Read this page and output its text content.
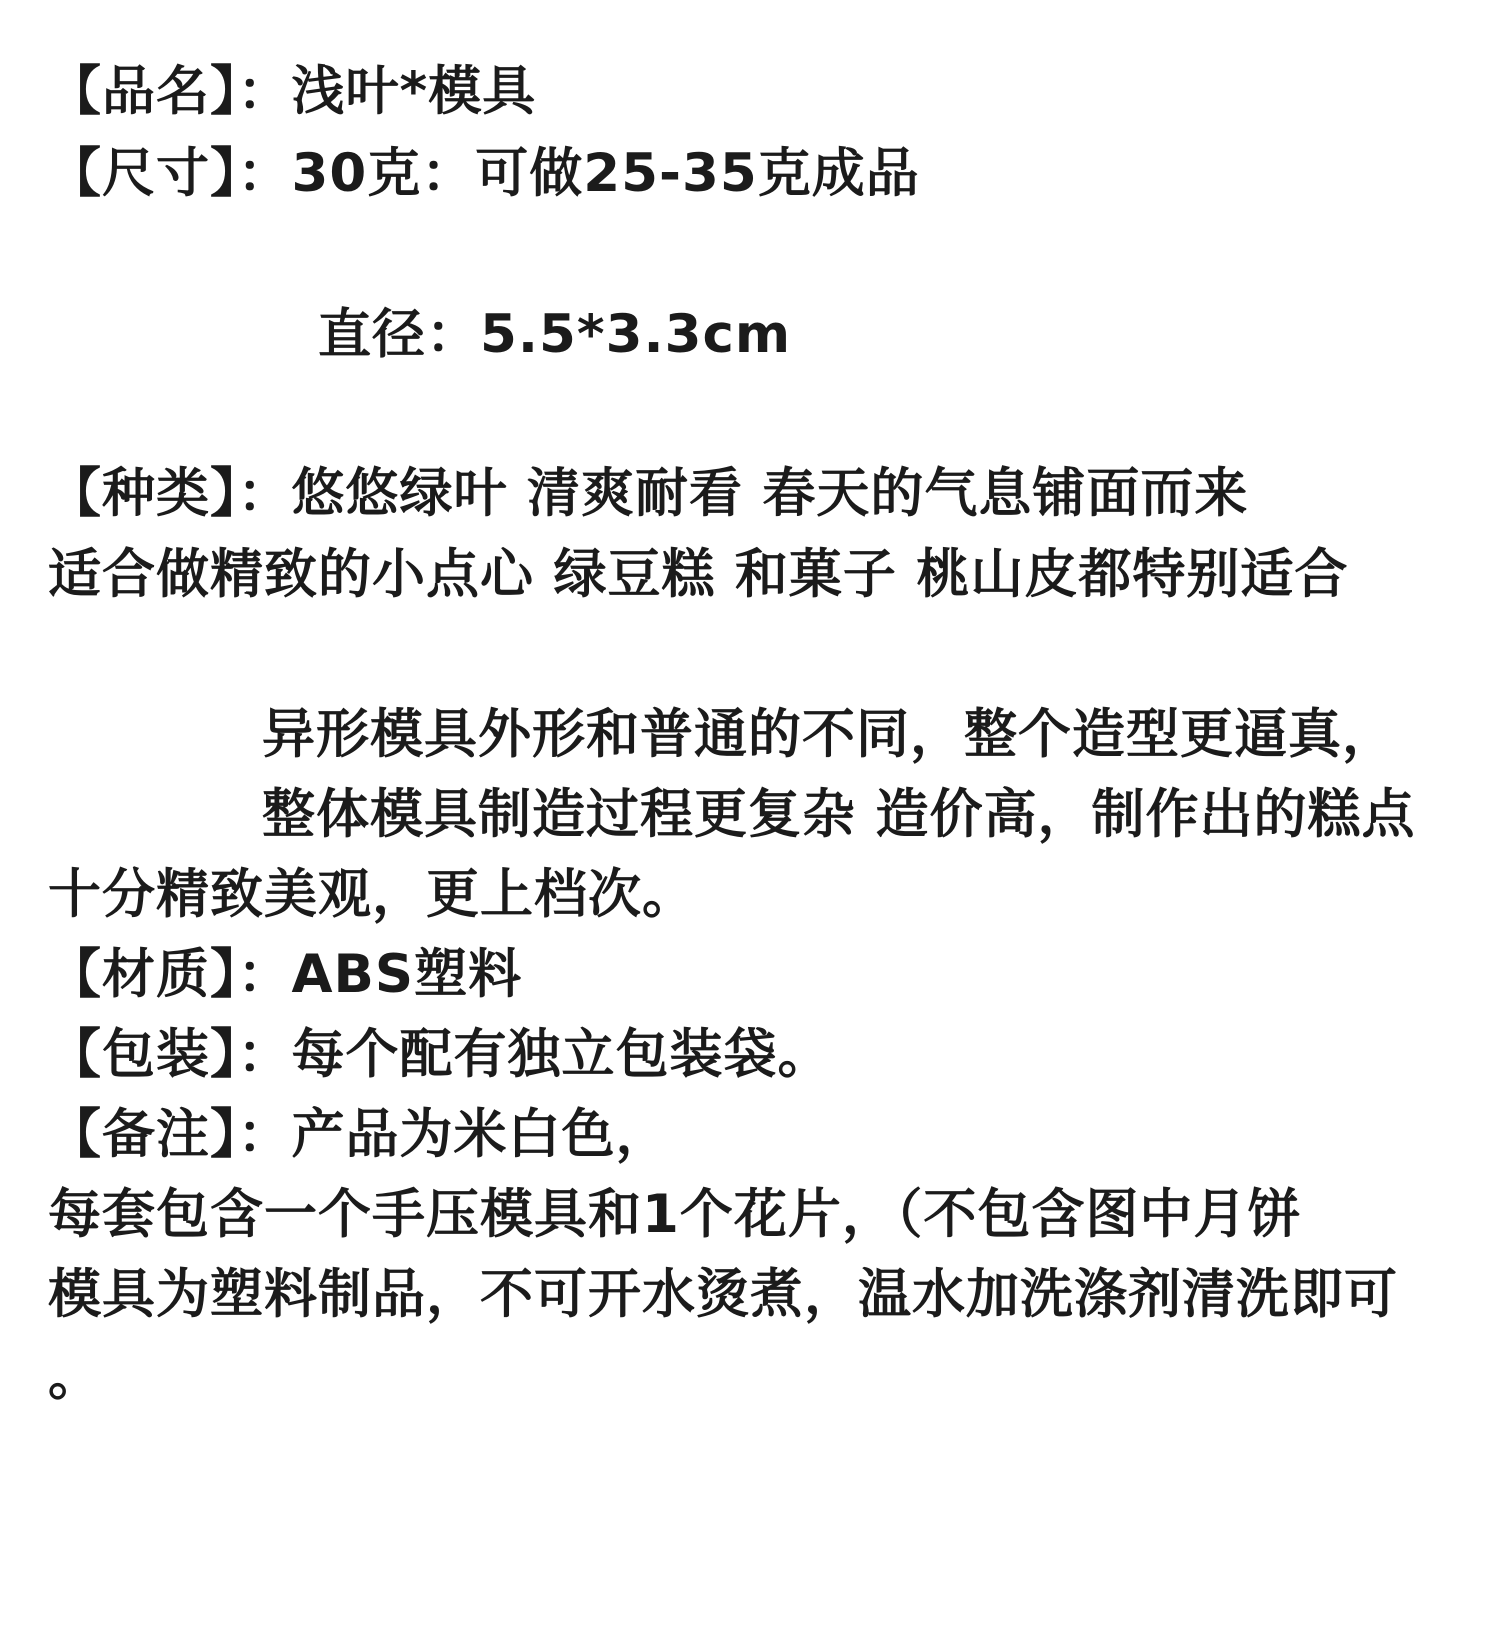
【品名】：浅叶*模具
【尺寸】：30克：可做25-35克成品
直径：5.5*3.3cm
【种类】：悠悠绿叶 清爽耐看 春天的气息铺面而来
适合做精致的小点心 绿豆糕 和菓子 桃山皮都特别适合
异形模具外形和普通的不同，整个造型更逼真，
整体模具制造过程更复杂 造价高，制作出的糕点
十分精致美观，更上档次。
【材质】：ABS塑料
【包装】：每个配有独立包装袋。
【备注】：产品为米白色，
每套包含一个手压模具和1个花片，（不包含图中月饼
模具为塑料制品，不可开水烫煮，温水加洗涤剂清洗即可
。
